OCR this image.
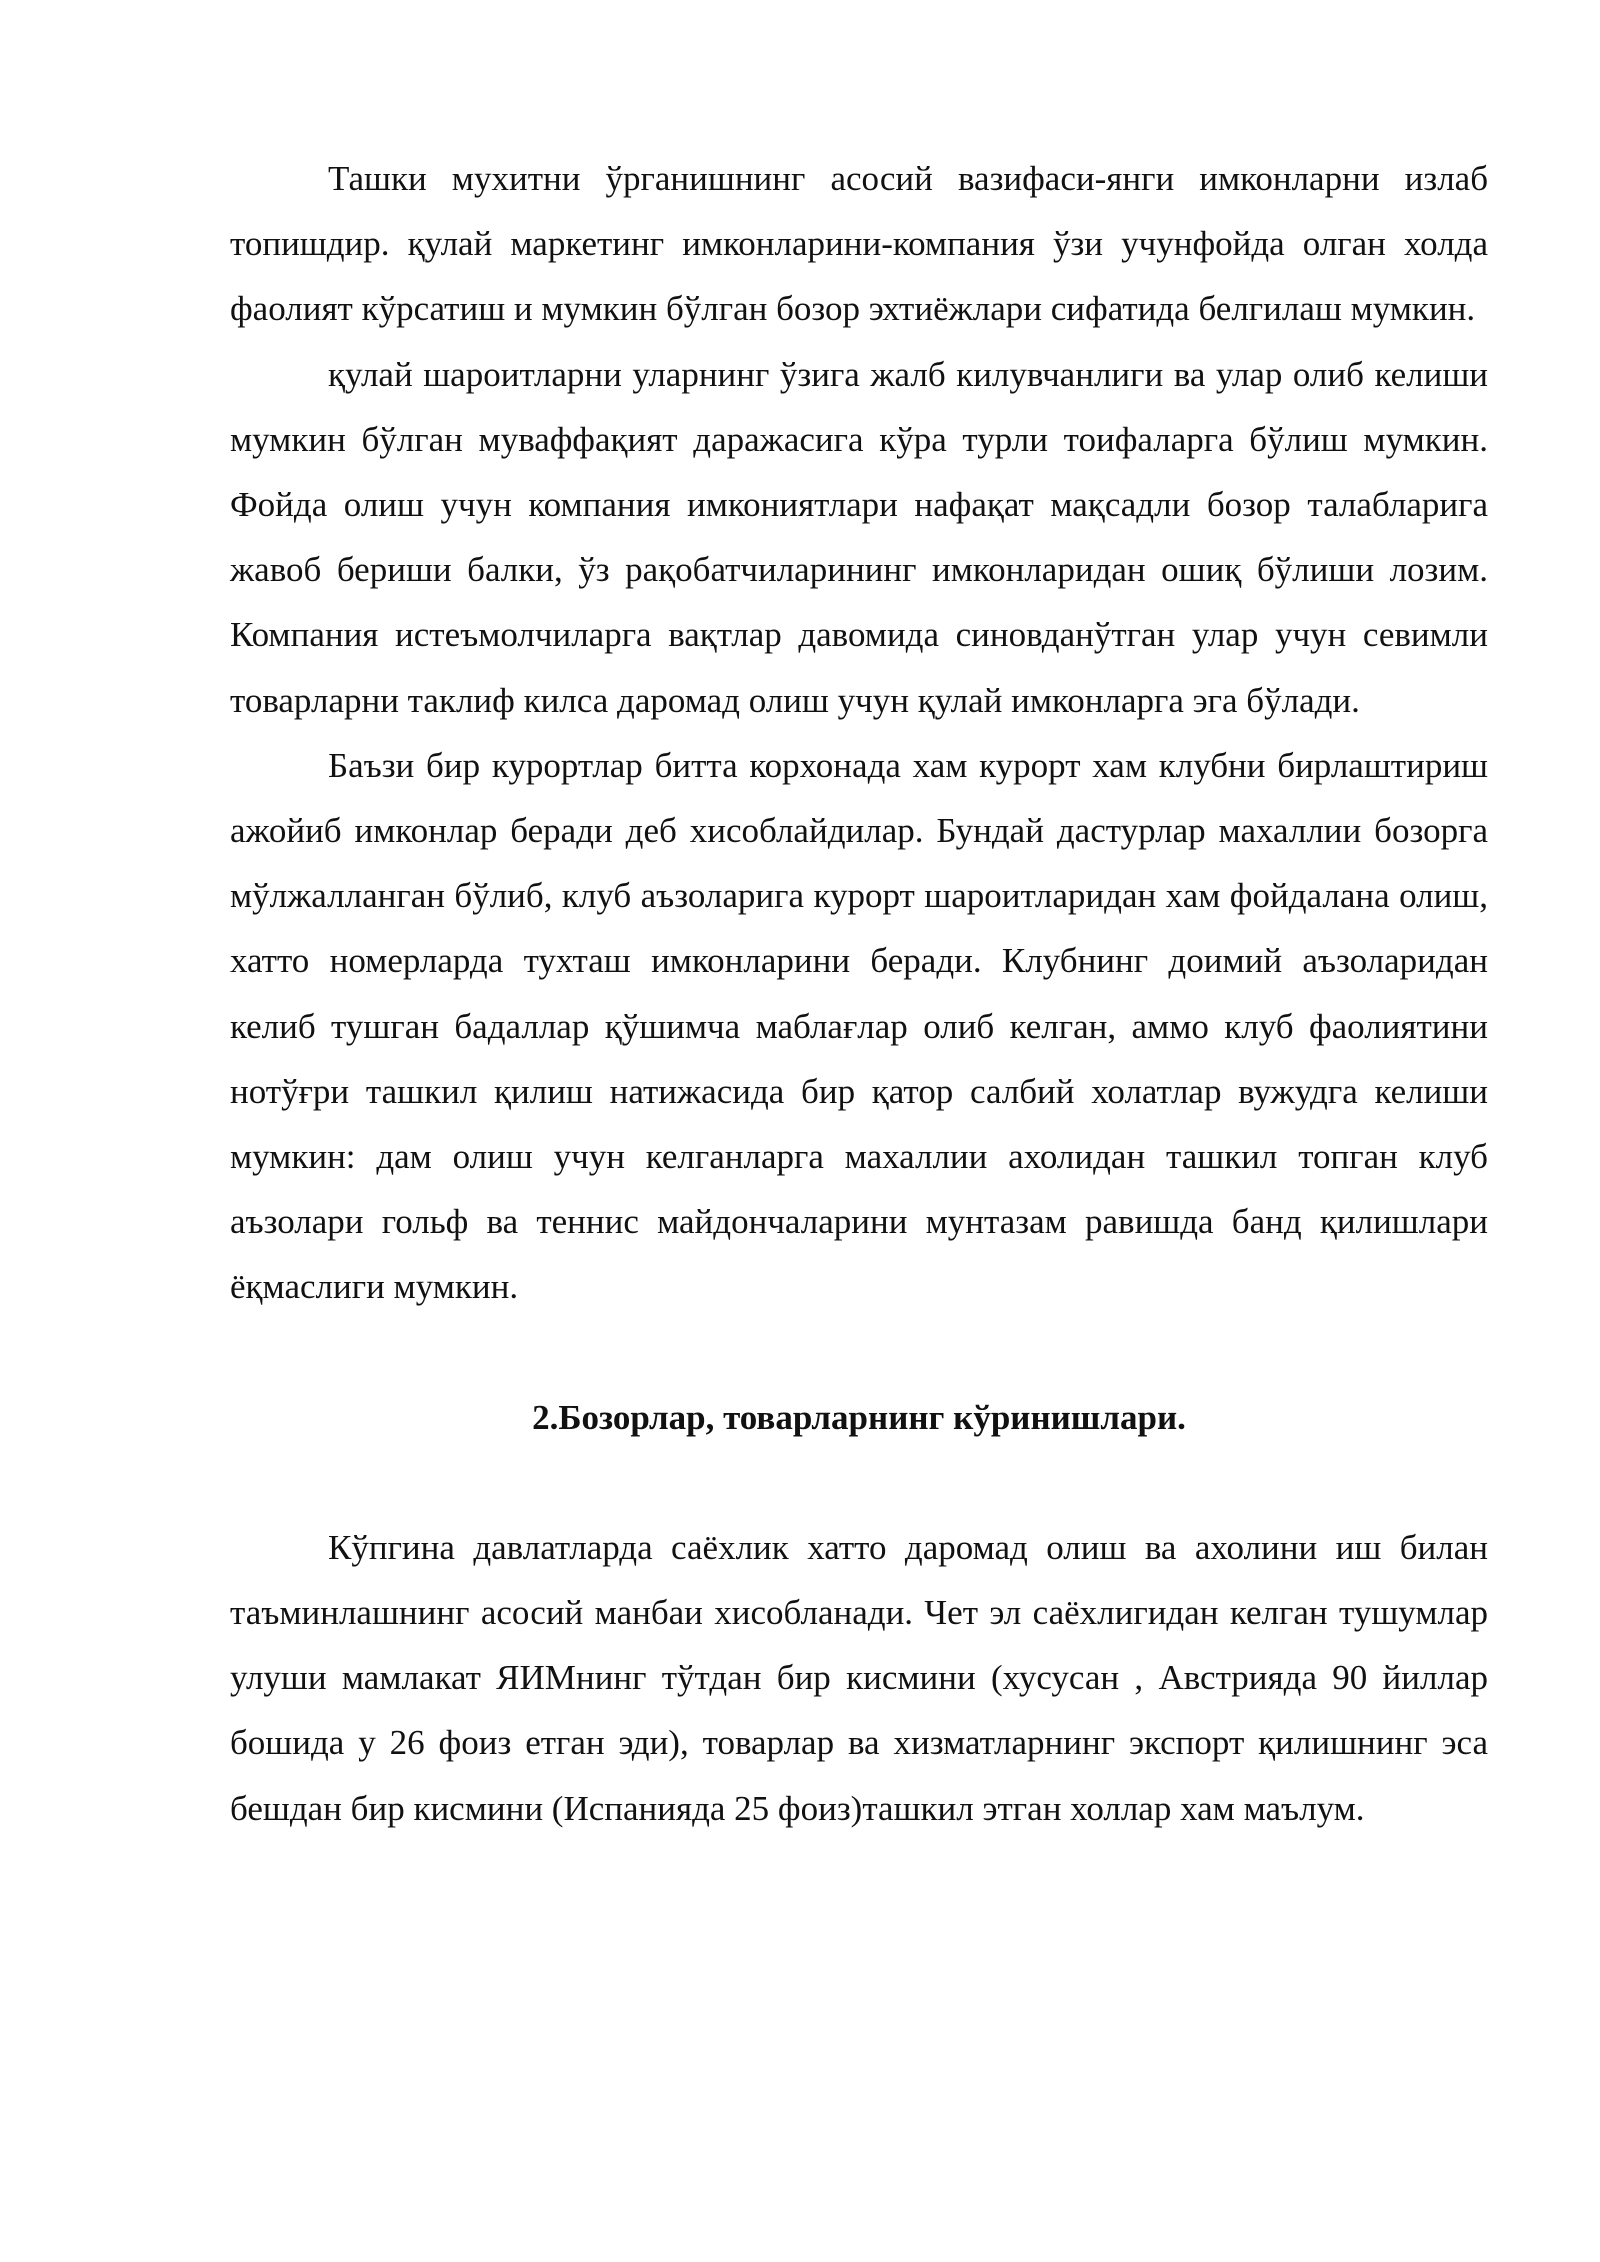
Ташки мухитни ўрганишнинг асосий вазифаси-янги имконларни излаб топишдир. қулай маркетинг имконларини-компания ўзи учунфойда олган холда фаолият кўрсатиш и мумкин бўлган бозор эхтиёжлари сифатида белгилаш мумкин.

қулай шароитларни уларнинг ўзига жалб килувчанлиги ва улар олиб келиши мумкин бўлган муваффақият даражасига кўра турли тоифаларга бўлиш мумкин. Фойда олиш учун компания имкониятлари нафақат мақсадли бозор талабларига жавоб бериши балки, ўз рақобатчиларининг имконларидан ошиқ бўлиши лозим. Компания истеъмолчиларга вақтлар давомида синовданўтган улар учун севимли товарларни таклиф килса даромад олиш учун қулай имконларга эга бўлади.

Баъзи бир курортлар битта корхонада хам курорт хам клубни бирлаштириш ажойиб имконлар беради деб хисоблайдилар. Бундай дастурлар махаллии бозорга мўлжалланган бўлиб, клуб аъзоларига курорт шароитларидан хам фойдалана олиш, хатто номерларда тухташ имконларини беради. Клубнинг доимий аъзоларидан келиб тушган бадаллар қўшимча маблағлар олиб келган, аммо клуб фаолиятини нотўғри ташкил қилиш натижасида бир қатор салбий холатлар вужудга келиши мумкин: дам олиш учун келганларга махаллии ахолидан ташкил топган клуб аъзолари гольф ва теннис майдончаларини мунтазам равишда банд қилишлари ёқмаслиги мумкин.

2.Бозорлар, товарларнинг кўринишлари.

Кўпгина давлатларда саёхлик хатто даромад олиш ва ахолини иш билан таъминлашнинг асосий манбаи хисобланади. Чет эл саёхлигидан келган тушумлар улуши мамлакат ЯИМнинг тўтдан бир кисмини (хусусан , Австрияда 90 йиллар бошида у 26 фоиз етган эди), товарлар ва хизматларнинг экспорт қилишнинг эса бешдан бир кисмини (Испанияда 25 фоиз)ташкил этган холлар хам маълум.
